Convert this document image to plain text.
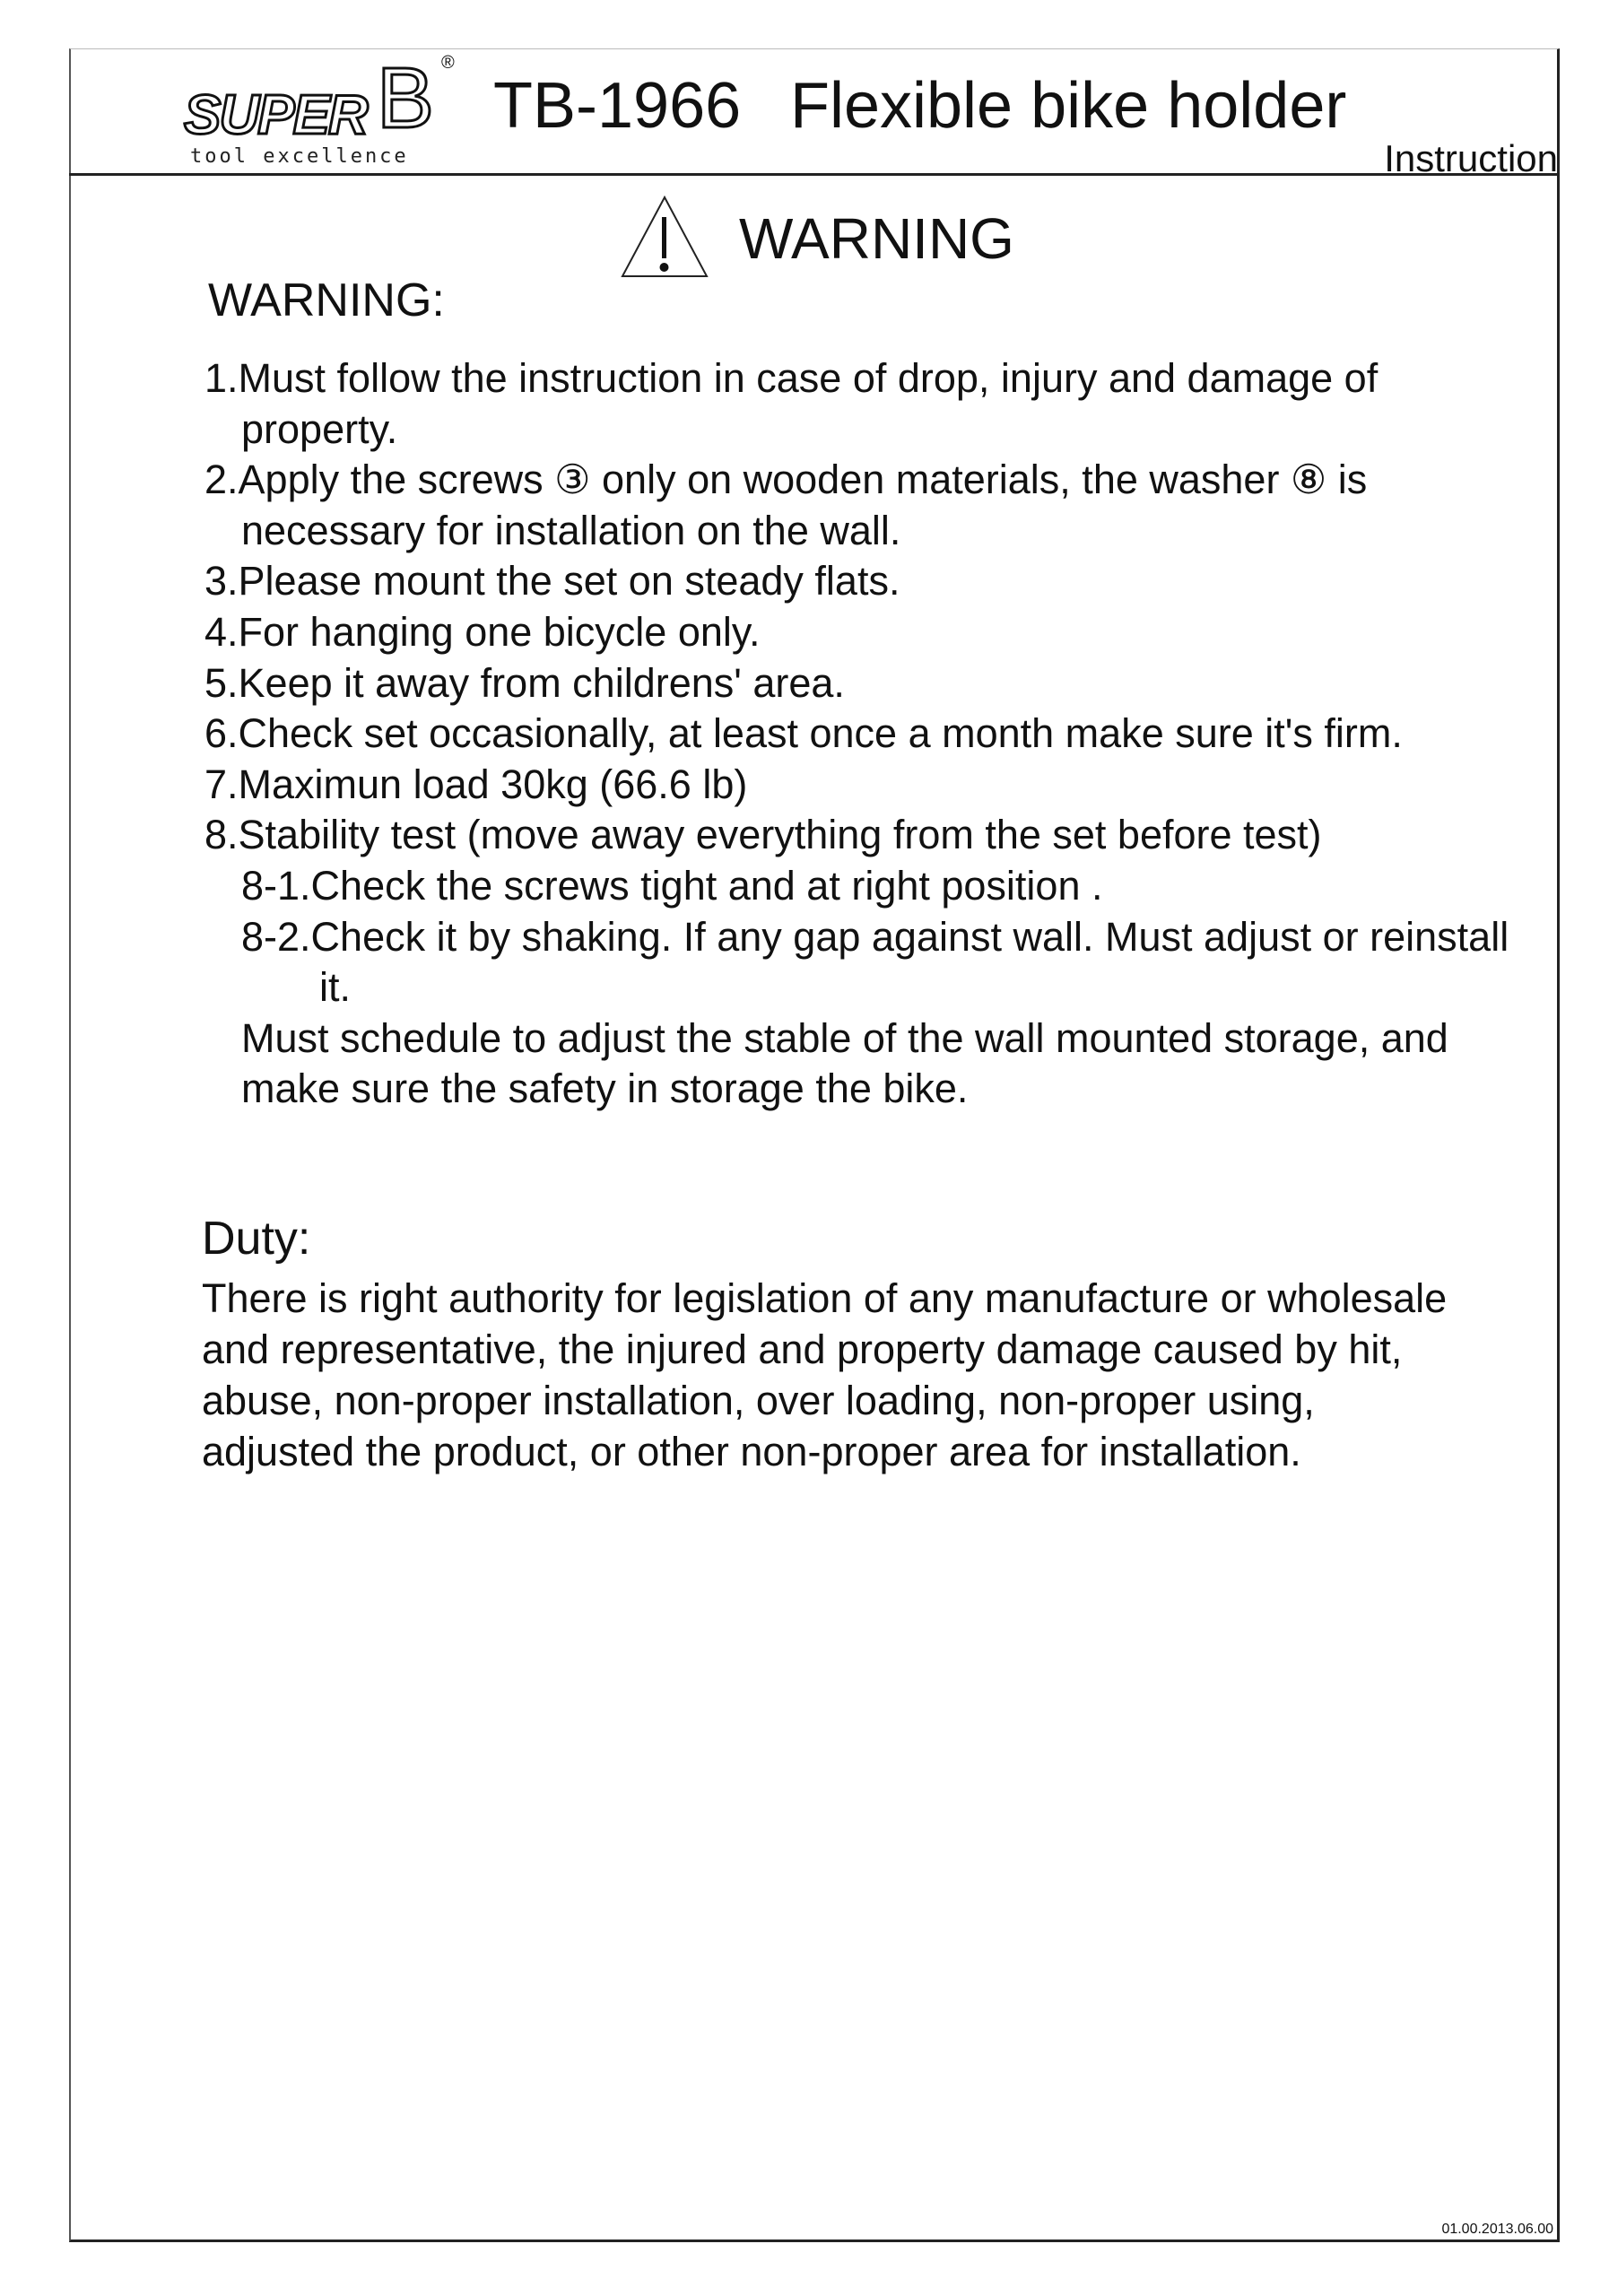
SUPER B ®
tool excellence
TB-1966 Flexible bike holder
Instruction
WARNING
WARNING:
1.Must follow the instruction in case of drop, injury and damage of
property.
2.Apply the screws ③ only on wooden materials, the washer ⑧ is
necessary for installation on the wall.
3.Please mount the set on steady flats.
4.For hanging one bicycle only.
5.Keep it away from childrens' area.
6.Check set occasionally, at least once a month make sure it's firm.
7.Maximun load 30kg (66.6 lb)
8.Stability test (move away everything from the set before test)
8-1.Check the screws tight and at right position .
8-2.Check it by shaking. If any gap against wall. Must adjust or reinstall
it.
Must schedule to adjust the stable of the wall mounted storage, and
make sure the safety in storage the bike.
Duty:
There is right authority for legislation of any manufacture or wholesale
and representative, the injured and property damage caused by hit,
abuse, non-proper installation, over loading, non-proper using,
adjusted the product, or other non-proper area for installation.
01.00.2013.06.00
